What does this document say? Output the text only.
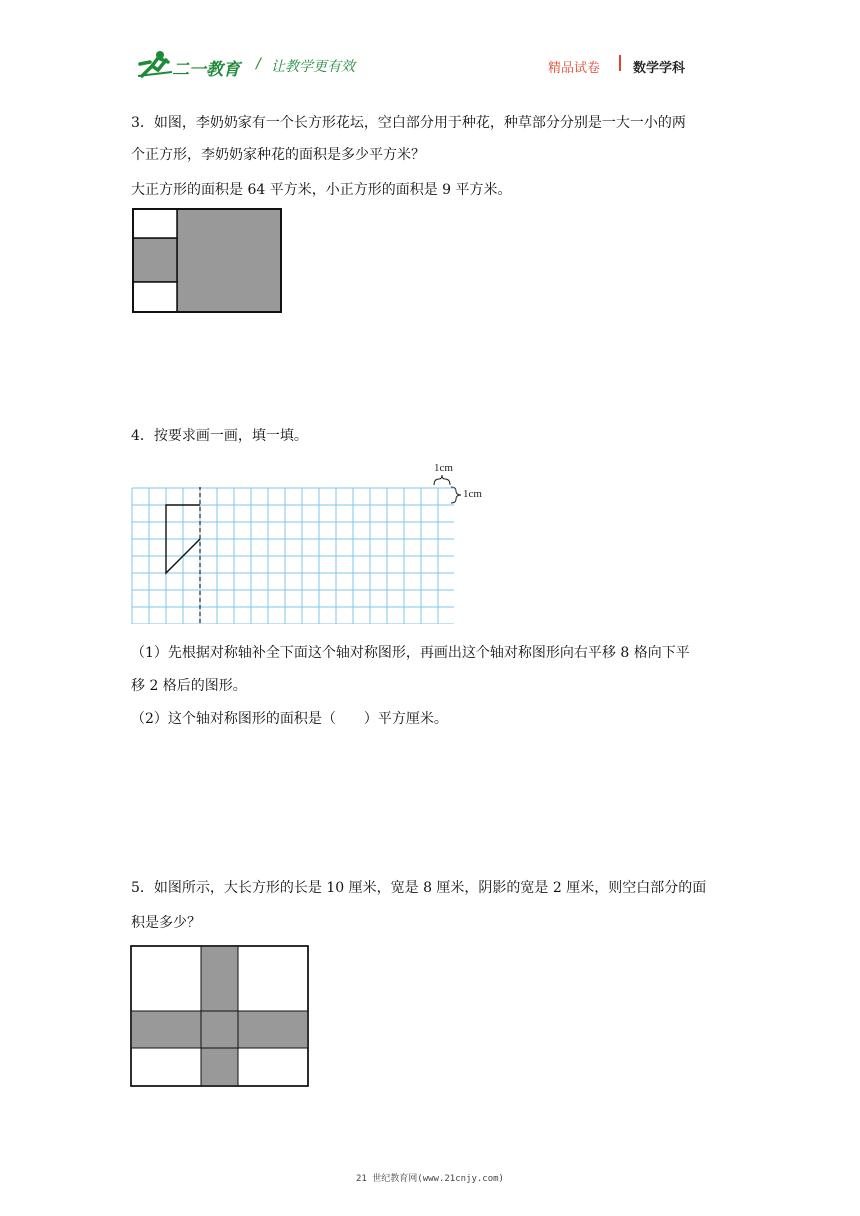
二一教育 / 让教学更有效	精品试卷	数学学科
3．如图，李奶奶家有一个长方形花坛，空白部分用于种花，种草部分分别是一大一小的两
个正方形，李奶奶家种花的面积是多少平方米？
大正方形的面积是 64 平方米，小正方形的面积是 9 平方米。
4．按要求画一画，填一填。
1cm
1cm
（1）先根据对称轴补全下面这个轴对称图形，再画出这个轴对称图形向右平移 8 格向下平
移 2 格后的图形。
（2）这个轴对称图形的面积是（　　）平方厘米。
5．如图所示，大长方形的长是 10 厘米，宽是 8 厘米，阴影的宽是 2 厘米，则空白部分的面
积是多少？
21 世纪教育网(www.21cnjy.com)
